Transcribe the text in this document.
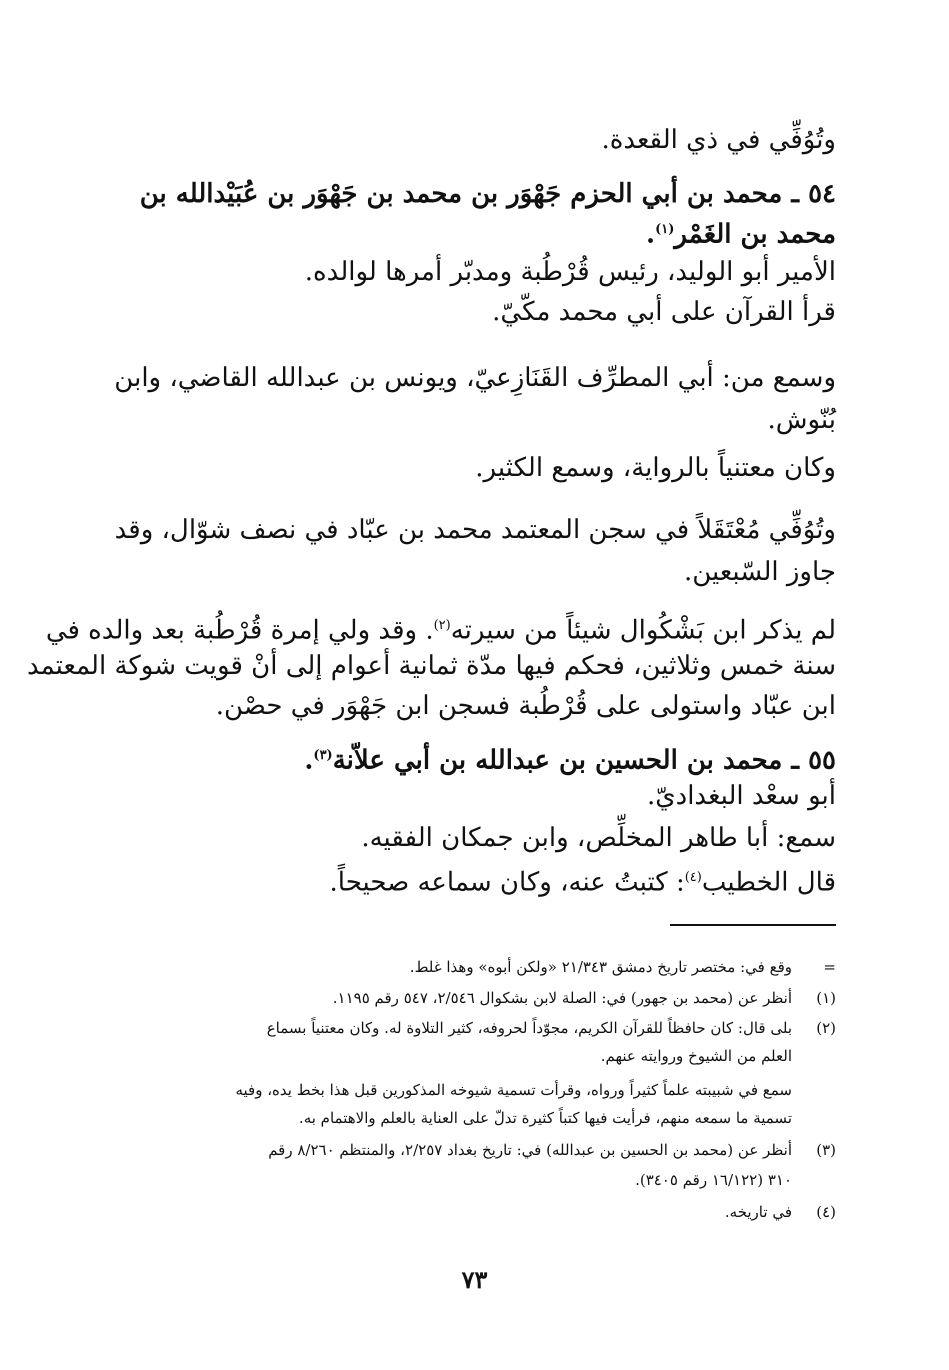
وتُوُفِّي في ذي القعدة.
٥٤ ـ محمد بن أبي الحزم جَهْوَر بن محمد بن جَهْوَر بن عُبَيْدالله بن
محمد بن الغَمْر$^{(١)}$.
الأمير أبو الوليد، رئيس قُرْطُبة ومدبّر أمرها لوالده.
قرأ القرآن على أبي محمد مكّيّ.
وسمع من: أبي المطرِّف القَنَازِعيّ، ويونس بن عبدالله القاضي، وابن
بُنّوش.
وكان معتنياً بالرواية، وسمع الكثير.
وتُوُفِّي مُعْتَقَلاً في سجن المعتمد محمد بن عبّاد في نصف شوّال، وقد
جاوز السّبعين.
لم يذكر ابن بَشْكُوال شيئاً من سيرته$^{(٢)}$. وقد ولي إمرة قُرْطُبة بعد والده في
سنة خمس وثلاثين، فحكم فيها مدّة ثمانية أعوام إلى أنْ قويت شوكة المعتمد
ابن عبّاد واستولى على قُرْطُبة فسجن ابن جَهْوَر في حصْن.
٥٥ ـ محمد بن الحسين بن عبدالله بن أبي علاّنة$^{(٣)}$.
أبو سعْد البغداديّ.
سمع: أبا طاهر المخلِّص، وابن جمكان الفقيه.
قال الخطيب$^{(٤)}$: كتبتُ عنه، وكان سماعه صحيحاً.
=
وقع في: مختصر تاريخ دمشق ٢١/٣٤٣ «ولكن أبوه» وهذا غلط.
(١)
أنظر عن (محمد بن جهور) في: الصلة لابن بشكوال ٢/٥٤٦، ٥٤٧ رقم ١١٩٥.
(٢)
بلى قال: كان حافظاً للقرآن الكريم، مجوّداً لحروفه، كثير التلاوة له. وكان معتنياً بسماع
العلم من الشيوخ وروايته عنهم.
سمع في شبيبته علماً كثيراً ورواه، وقرأت تسمية شيوخه المذكورين قبل هذا بخط يده، وفيه
تسمية ما سمعه منهم، فرأيت فيها كتباً كثيرة تدلّ على العناية بالعلم والاهتمام به.
(٣)
أنظر عن (محمد بن الحسين بن عبدالله) في: تاريخ بغداد ٢/٢٥٧، والمنتظم ٨/٢٦٠ رقم
٣١٠ (١٦/١٢٢ رقم ٣٤٠٥).
(٤)
في تاريخه.
٧٣
